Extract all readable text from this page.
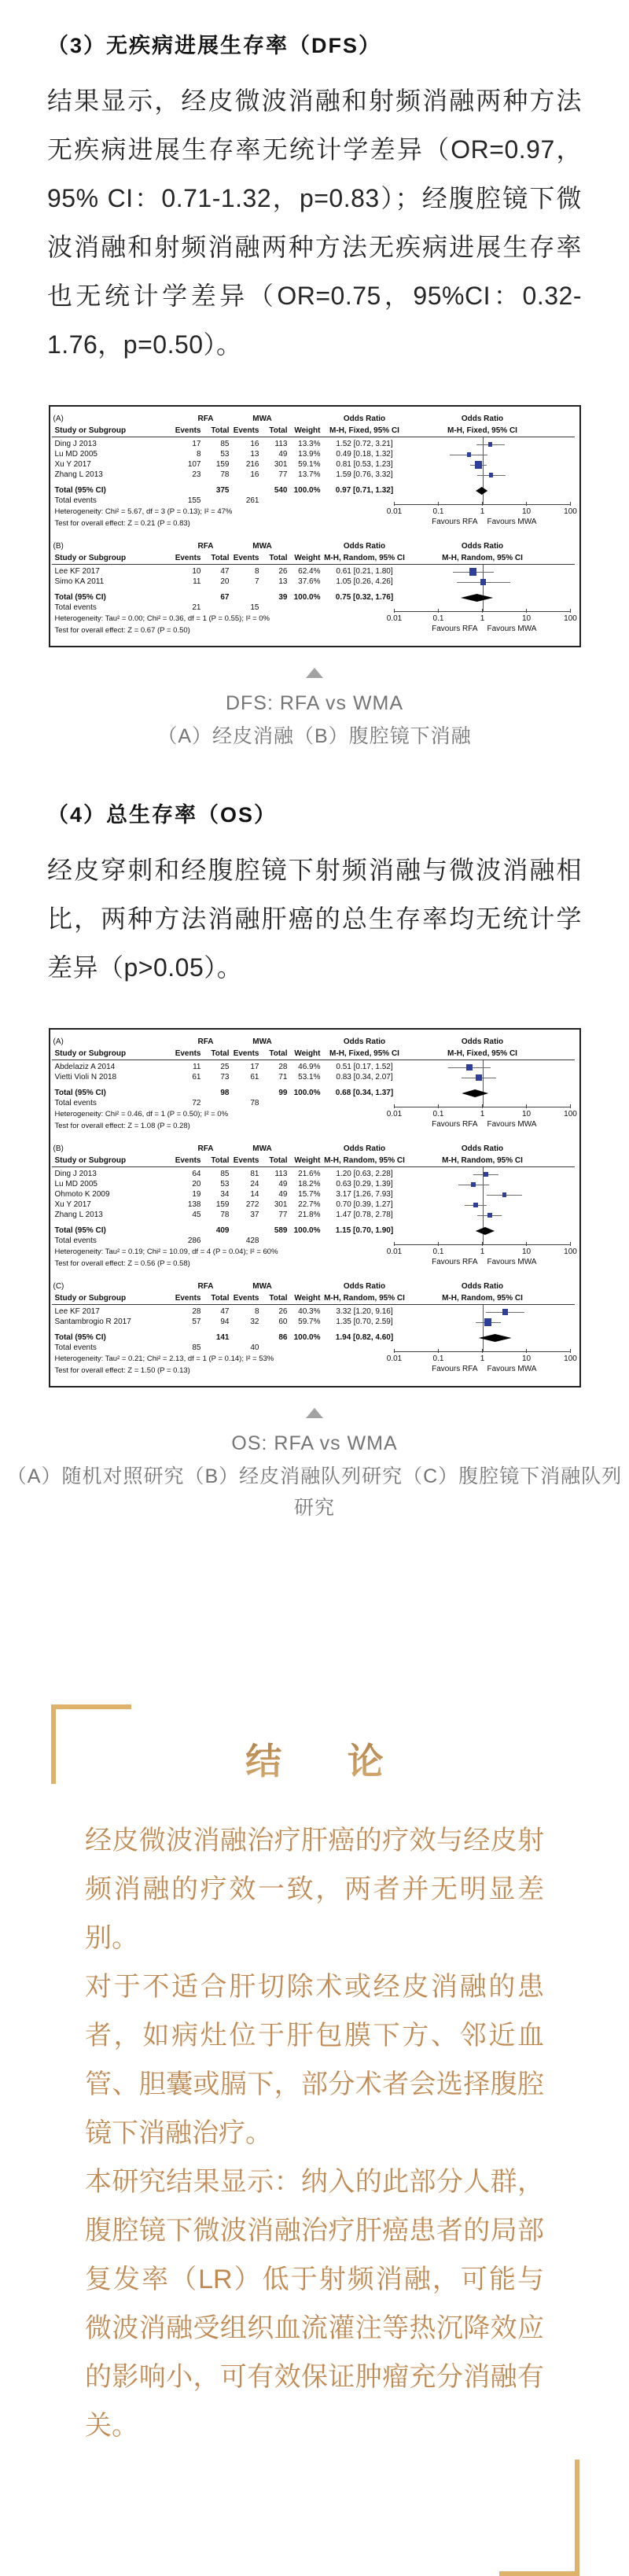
（3）无疾病进展生存率（DFS）

结果显示，经皮微波消融和射频消融两种方法无疾病进展生存率无统计学差异（OR=0.97，95% CI：0.71-1.32，p=0.83）；经腹腔镜下微波消融和射频消融两种方法无疾病进展生存率也无统计学差异（OR=0.75，95%CI：0.32-1.76，p=0.50）。

(A)	RFA	MWA	Odds Ratio	Odds Ratio
Study or Subgroup	Events	Total Events	Total Weight	M-H, Fixed, 95% CI	M-H, Fixed, 95% CI
Ding J 2013	17	85	16	113	13.3%	1.52 [0.72, 3.21]
Lu MD 2005	8	53	13	49	13.9%	0.49 [0.18, 1.32]
Xu Y 2017	107	159	216	301	59.1%	0.81 [0.53, 1.23]
Zhang L 2013	23	78	16	77	13.7%	1.59 [0.76, 3.32]
Total (95% CI)	375	540 100.0%	0.97 [0.71, 1.32]
Total events	155	261
Heterogeneity: Chi² = 5.67, df = 3 (P = 0.13); I² = 47%
Test for overall effect: Z = 0.21 (P = 0.83)
0.01	0.1	1	10	100
Favours RFA Favours MWA
(B)	RFA	MWA	Odds Ratio	Odds Ratio
Study or Subgroup	Events	Total Events	Total Weight M-H, Random, 95% CI	M-H, Random, 95% CI
Lee KF 2017	10	47	8	26	62.4%	0.61 [0.21, 1.80]
Simo KA 2011	11	20	7	13	37.6%	1.05 [0.26, 4.26]
Total (95% CI)	67	39 100.0%	0.75 [0.32, 1.76]
Total events	21	15
Heterogeneity: Tau² = 0.00; Chi² = 0.36, df = 1 (P = 0.55); I² = 0%
Test for overall effect: Z = 0.67 (P = 0.50)
0.01	0.1	1	10	100
Favours RFA Favours MWA

DFS: RFA vs WMA

（A）经皮消融（B）腹腔镜下消融

（4）总生存率（OS）

经皮穿刺和经腹腔镜下射频消融与微波消融相比，两种方法消融肝癌的总生存率均无统计学差异（p>0.05）。

(A)	RFA	MWA	Odds Ratio	Odds Ratio
Study or Subgroup	Events	Total Events	Total Weight	M-H, Fixed, 95% CI	M-H, Fixed, 95% CI
Abdelaziz A 2014	11	25	17	28	46.9%	0.51 [0.17, 1.52]
Vietti Violi N 2018	61	73	61	71	53.1%	0.83 [0.34, 2.07]
Total (95% CI)	98	99 100.0%	0.68 [0.34, 1.37]
Total events	72	78
Heterogeneity: Chi² = 0.46, df = 1 (P = 0.50); I² = 0%
Test for overall effect: Z = 1.08 (P = 0.28)
0.01	0.1	1	10	100
Favours RFA Favours MWA
(B)	RFA	MWA	Odds Ratio	Odds Ratio
Study or Subgroup	Events	Total Events	Total Weight M-H, Random, 95% CI	M-H, Random, 95% CI
Ding J 2013	64	85	81	113	21.6%	1.20 [0.63, 2.28]
Lu MD 2005	20	53	24	49	18.2%	0.63 [0.29, 1.39]
Ohmoto K 2009	19	34	14	49	15.7%	3.17 [1.26, 7.93]
Xu Y 2017	138	159	272	301	22.7%	0.70 [0.39, 1.27]
Zhang L 2013	45	78	37	77	21.8%	1.47 [0.78, 2.78]
Total (95% CI)	409	589 100.0%	1.15 [0.70, 1.90]
Total events	286	428
Heterogeneity: Tau² = 0.19; Chi² = 10.09, df = 4 (P = 0.04); I² = 60%
Test for overall effect: Z = 0.56 (P = 0.58)
0.01	0.1	1	10	100
Favours RFA Favours MWA
(C)	RFA	MWA	Odds Ratio	Odds Ratio
Study or Subgroup	Events	Total Events	Total Weight M-H, Random, 95% CI	M-H, Random, 95% CI
Lee KF 2017	28	47	8	26	40.3%	3.32 [1.20, 9.16]
Santambrogio R 2017	57	94	32	60	59.7%	1.35 [0.70, 2.59]
Total (95% CI)	141	86 100.0%	1.94 [0.82, 4.60]
Total events	85	40
Heterogeneity: Tau² = 0.21; Chi² = 2.13, df = 1 (P = 0.14); I² = 53%
Test for overall effect: Z = 1.50 (P = 0.13)
0.01	0.1	1	10	100
Favours RFA Favours MWA

OS: RFA vs WMA

（A）随机对照研究（B）经皮消融队列研究（C）腹腔镜下消融队列研究

结 论

经皮微波消融治疗肝癌的疗效与经皮射频消融的疗效一致，两者并无明显差别。

对于不适合肝切除术或经皮消融的患者，如病灶位于肝包膜下方、邻近血管、胆囊或膈下，部分术者会选择腹腔镜下消融治疗。

本研究结果显示：纳入的此部分人群，腹腔镜下微波消融治疗肝癌患者的局部复发率（LR）低于射频消融，可能与微波消融受组织血流灌注等热沉降效应的影响小，可有效保证肿瘤充分消融有关。
